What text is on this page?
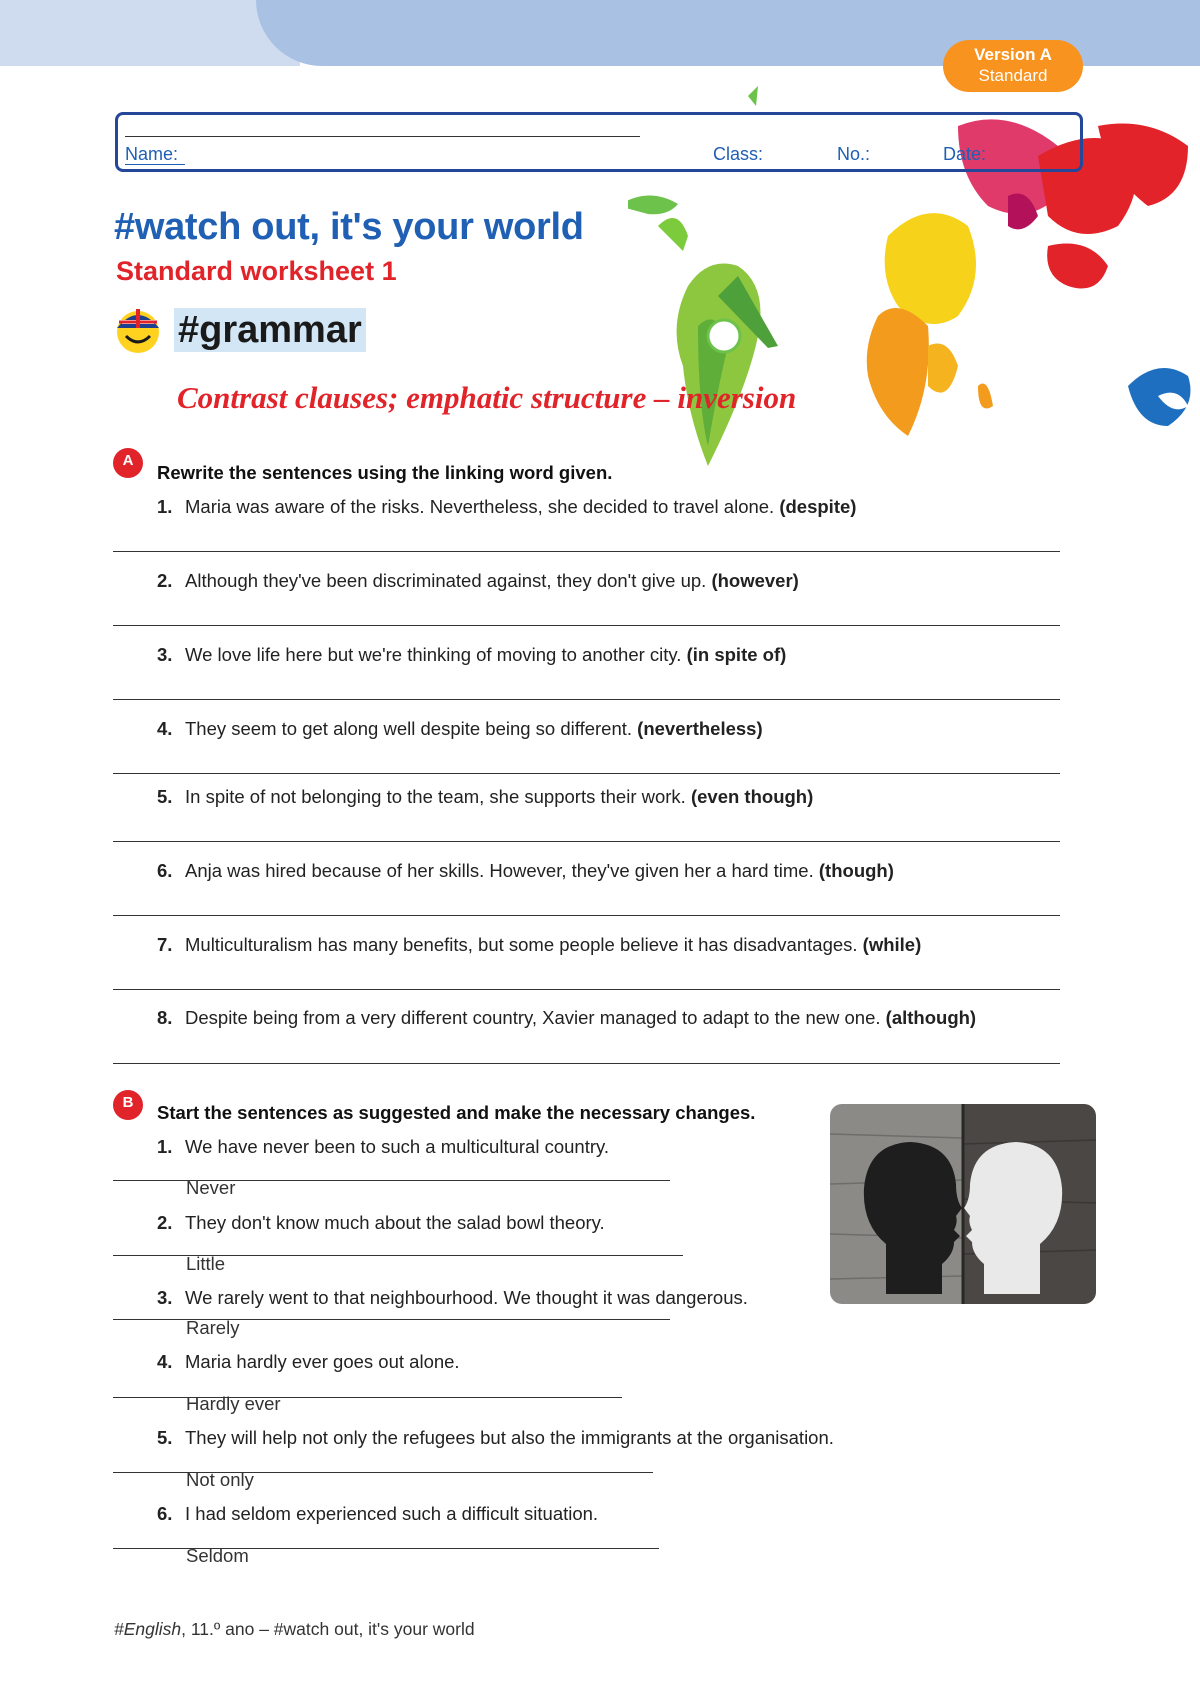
Version A
Standard
Name:	Class:	No.:	Date:
#watch out, it's your world
Standard worksheet 1
#grammar
Contrast clauses; emphatic structure – inversion
A
Rewrite the sentences using the linking word given.
1. Maria was aware of the risks. Nevertheless, she decided to travel alone. (despite)
2. Although they've been discriminated against, they don't give up. (however)
3. We love life here but we're thinking of moving to another city. (in spite of)
4. They seem to get along well despite being so different. (nevertheless)
5. In spite of not belonging to the team, she supports their work. (even though)
6. Anja was hired because of her skills. However, they've given her a hard time. (though)
7. Multiculturalism has many benefits, but some people believe it has disadvantages. (while)
8. Despite being from a very different country, Xavier managed to adapt to the new one. (although)
B	Start the sentences as suggested and make the necessary changes.
1. We have never been to such a multicultural country.
Never
2. They don't know much about the salad bowl theory.
Little
3. We rarely went to that neighbourhood. We thought it was dangerous.
Rarely
4. Maria hardly ever goes out alone.
Hardly ever
5. They will help not only the refugees but also the immigrants at the organisation.
Not only
6. I had seldom experienced such a difficult situation.
Seldom
#English, 11.º ano – #watch out, it's your world
